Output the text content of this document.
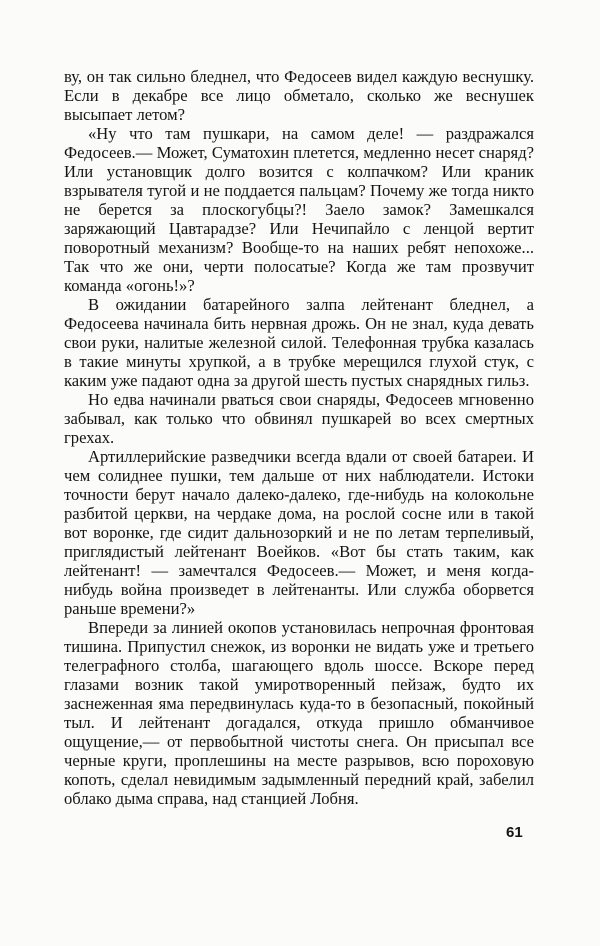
ву, он так сильно бледнел, что Федосеев видел каждую веснушку. Если в декабре все лицо обметало, сколько же веснушек высыпает летом?

«Ну что там пушкари, на самом деле! — раздражался Федосеев.— Может, Суматохин плетется, медленно несет снаряд? Или установщик долго возится с колпачком? Или краник взрывателя тугой и не поддается пальцам? Почему же тогда никто не берется за плоскогубцы?! Заело замок? Замешкался заряжающий Цавтарадзе? Или Нечипайло с ленцой вертит поворотный механизм? Вообще-то на наших ребят непохоже... Так что же они, черти полосатые? Когда же там прозвучит команда «огонь!»?

В ожидании батарейного залпа лейтенант бледнел, а Федосеева начинала бить нервная дрожь. Он не знал, куда девать свои руки, налитые железной силой. Телефонная трубка казалась в такие минуты хрупкой, а в трубке мерещился глухой стук, с каким уже падают одна за другой шесть пустых снарядных гильз.

Но едва начинали рваться свои снаряды, Федосеев мгновенно забывал, как только что обвинял пушкарей во всех смертных грехах.

Артиллерийские разведчики всегда вдали от своей батареи. И чем солиднее пушки, тем дальше от них наблюдатели. Истоки точности берут начало далеко-далеко, где-нибудь на колокольне разбитой церкви, на чердаке дома, на рослой сосне или в такой вот воронке, где сидит дальнозоркий и не по летам терпеливый, приглядистый лейтенант Воейков. «Вот бы стать таким, как лейтенант! — замечтался Федосеев.— Может, и меня когда-нибудь война произведет в лейтенанты. Или служба оборвется раньше времени?»

Впереди за линией окопов установилась непрочная фронтовая тишина. Припустил снежок, из воронки не видать уже и третьего телеграфного столба, шагающего вдоль шоссе. Вскоре перед глазами возник такой умиротворенный пейзаж, будто их заснеженная яма передвинулась куда-то в безопасный, покойный тыл. И лейтенант догадался, откуда пришло обманчивое ощущение,— от первобытной чистоты снега. Он присыпал все черные круги, проплешины на месте разрывов, всю пороховую копоть, сделал невидимым задымленный передний край, забелил облако дыма справа, над станцией Лобня.

61
